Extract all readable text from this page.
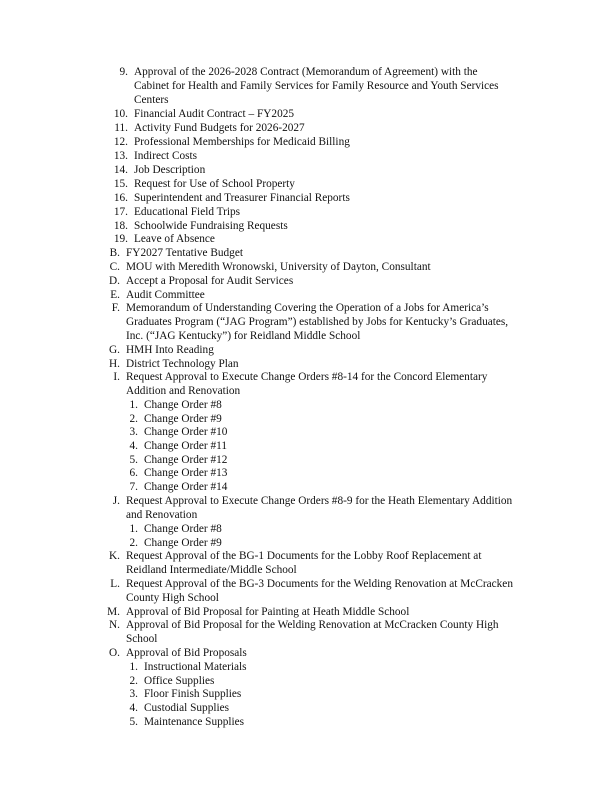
9. Approval of the 2026-2028 Contract (Memorandum of Agreement) with the
Cabinet for Health and Family Services for Family Resource and Youth Services
Centers
10. Financial Audit Contract – FY2025
11. Activity Fund Budgets for 2026-2027
12. Professional Memberships for Medicaid Billing
13. Indirect Costs
14. Job Description
15. Request for Use of School Property
16. Superintendent and Treasurer Financial Reports
17. Educational Field Trips
18. Schoolwide Fundraising Requests
19. Leave of Absence
B. FY2027 Tentative Budget
C. MOU with Meredith Wronowski, University of Dayton, Consultant
D. Accept a Proposal for Audit Services
E. Audit Committee
F. Memorandum of Understanding Covering the Operation of a Jobs for America’s
Graduates Program (“JAG Program”) established by Jobs for Kentucky’s Graduates,
Inc. (“JAG Kentucky”) for Reidland Middle School
G. HMH Into Reading
H. District Technology Plan
I. Request Approval to Execute Change Orders #8-14 for the Concord Elementary
Addition and Renovation
1. Change Order #8
2. Change Order #9
3. Change Order #10
4. Change Order #11
5. Change Order #12
6. Change Order #13
7. Change Order #14
J. Request Approval to Execute Change Orders #8-9 for the Heath Elementary Addition
and Renovation
1. Change Order #8
2. Change Order #9
K. Request Approval of the BG-1 Documents for the Lobby Roof Replacement at
Reidland Intermediate/Middle School
L. Request Approval of the BG-3 Documents for the Welding Renovation at McCracken
County High School
M. Approval of Bid Proposal for Painting at Heath Middle School
N. Approval of Bid Proposal for the Welding Renovation at McCracken County High
School
O. Approval of Bid Proposals
1. Instructional Materials
2. Office Supplies
3. Floor Finish Supplies
4. Custodial Supplies
5. Maintenance Supplies
